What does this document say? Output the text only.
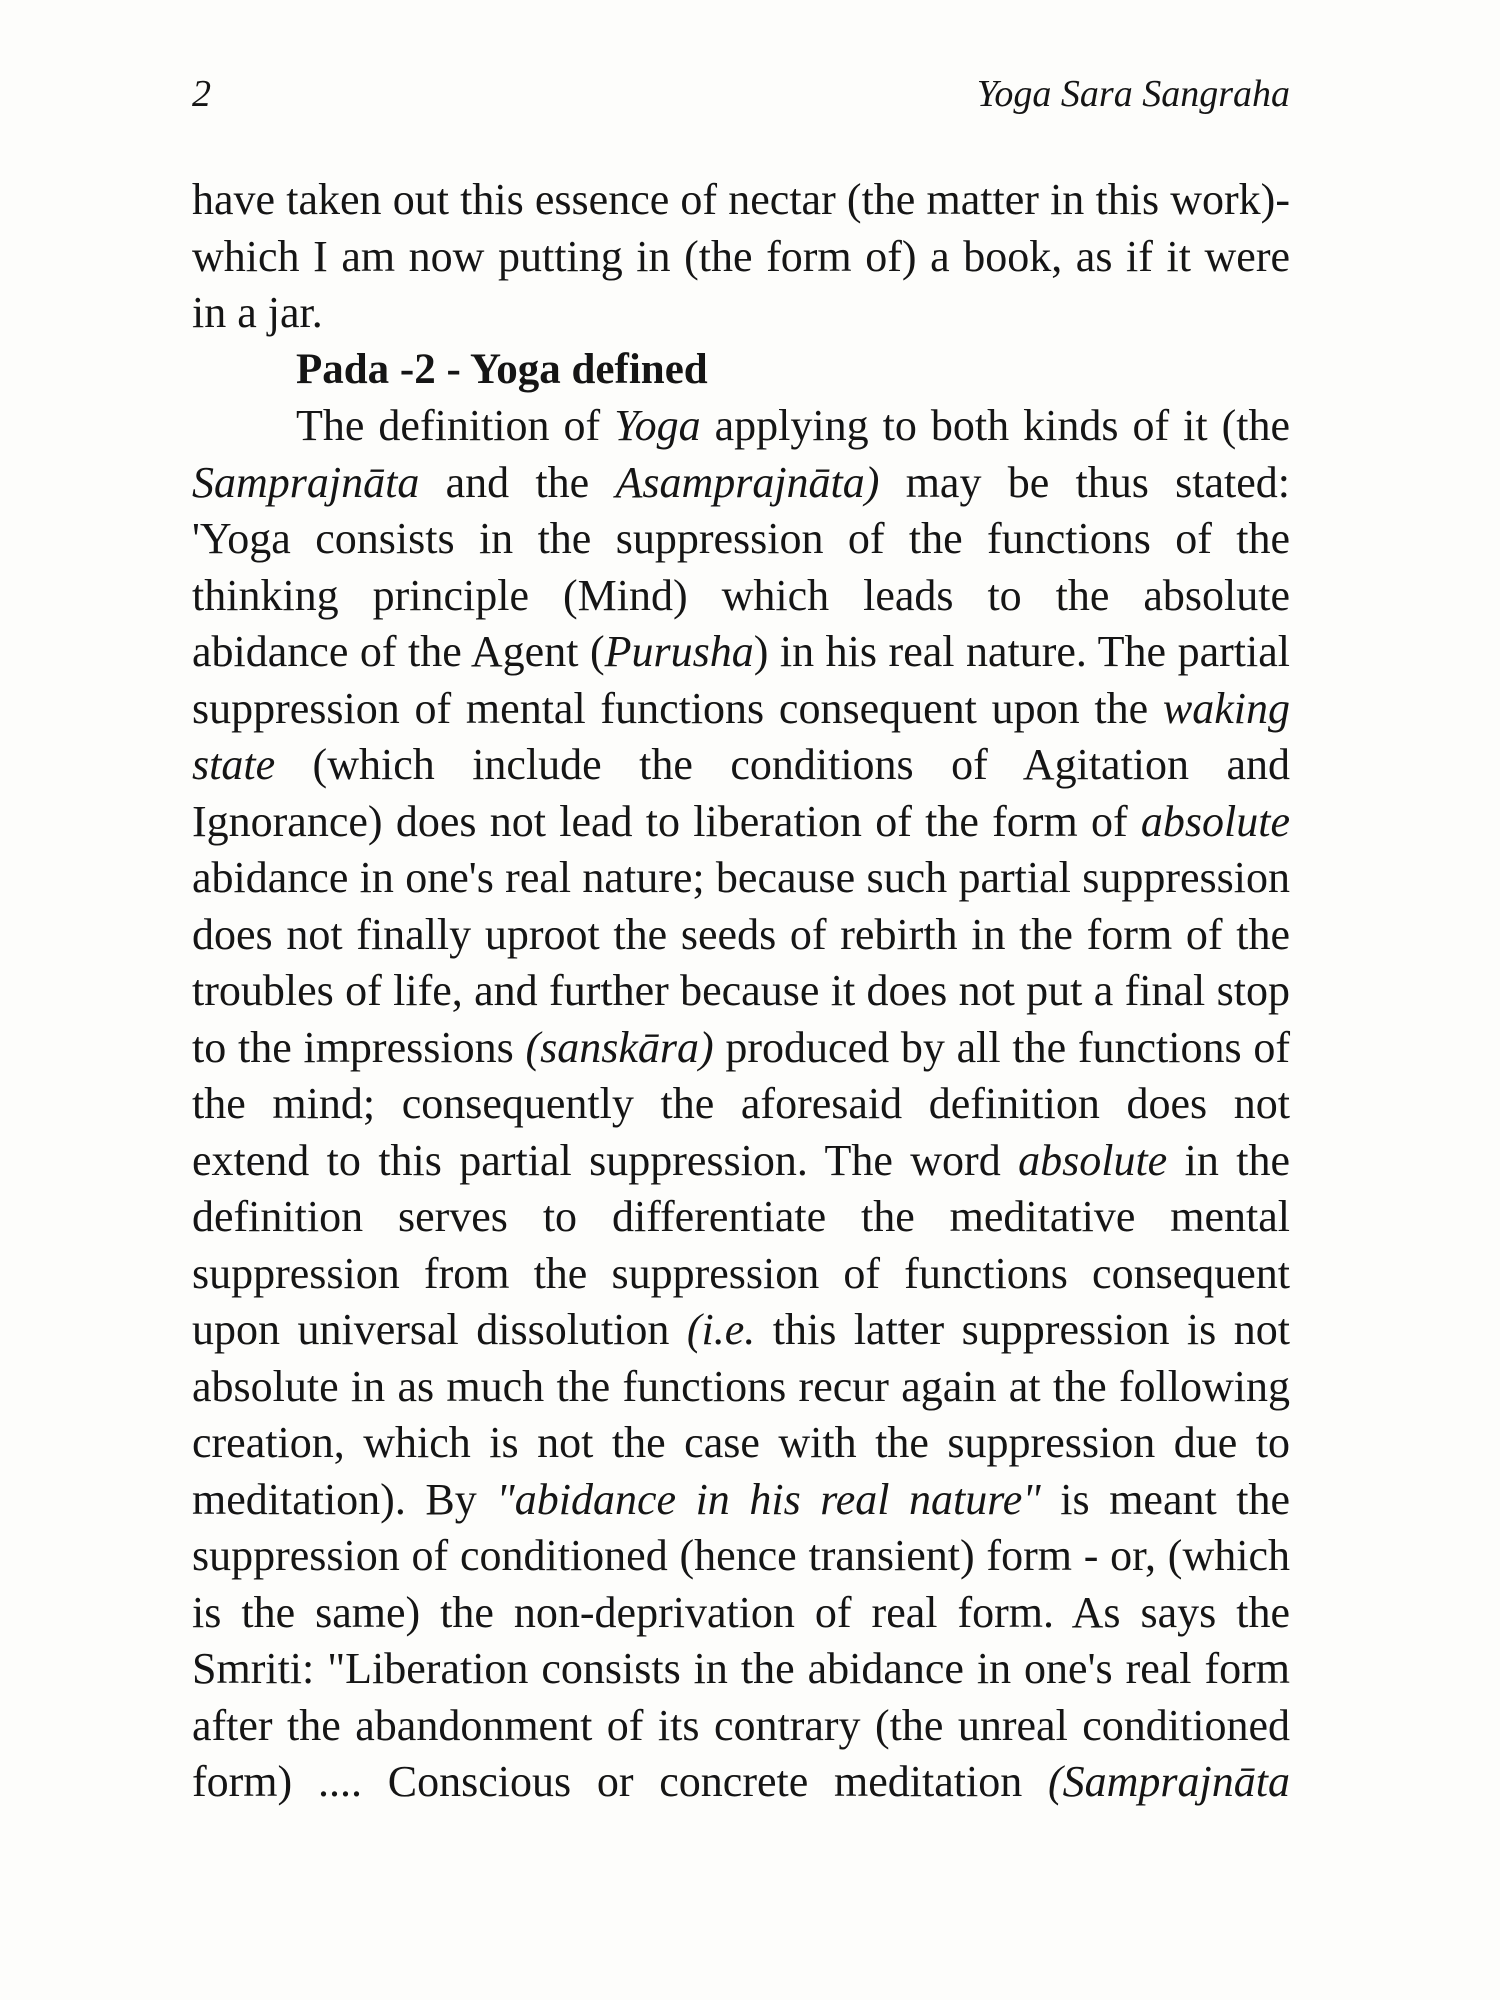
2	Yoga Sara Sangraha

have taken out this essence of nectar (the matter in this work)-which I am now putting in (the form of) a book, as if it were in a jar.

Pada -2 - Yoga defined

The definition of Yoga applying to both kinds of it (the Samprajnāta and the Asamprajnāta) may be thus stated: 'Yoga consists in the suppression of the functions of the thinking principle (Mind) which leads to the absolute abidance of the Agent (Purusha) in his real nature. The partial suppression of mental functions consequent upon the waking state (which include the conditions of Agitation and Ignorance) does not lead to liberation of the form of absolute abidance in one's real nature; because such partial suppression does not finally uproot the seeds of rebirth in the form of the troubles of life, and further because it does not put a final stop to the impressions (sanskāra) produced by all the functions of the mind; consequently the aforesaid definition does not extend to this partial suppression. The word absolute in the definition serves to differentiate the meditative mental suppression from the suppression of functions consequent upon universal dissolution (i.e. this latter suppression is not absolute in as much the functions recur again at the following creation, which is not the case with the suppression due to meditation). By "abidance in his real nature" is meant the suppression of conditioned (hence transient) form - or, (which is the same) the non-deprivation of real form. As says the Smriti: "Liberation consists in the abidance in one's real form after the abandonment of its contrary (the unreal conditioned form) .... Conscious or concrete meditation (Samprajnāta
